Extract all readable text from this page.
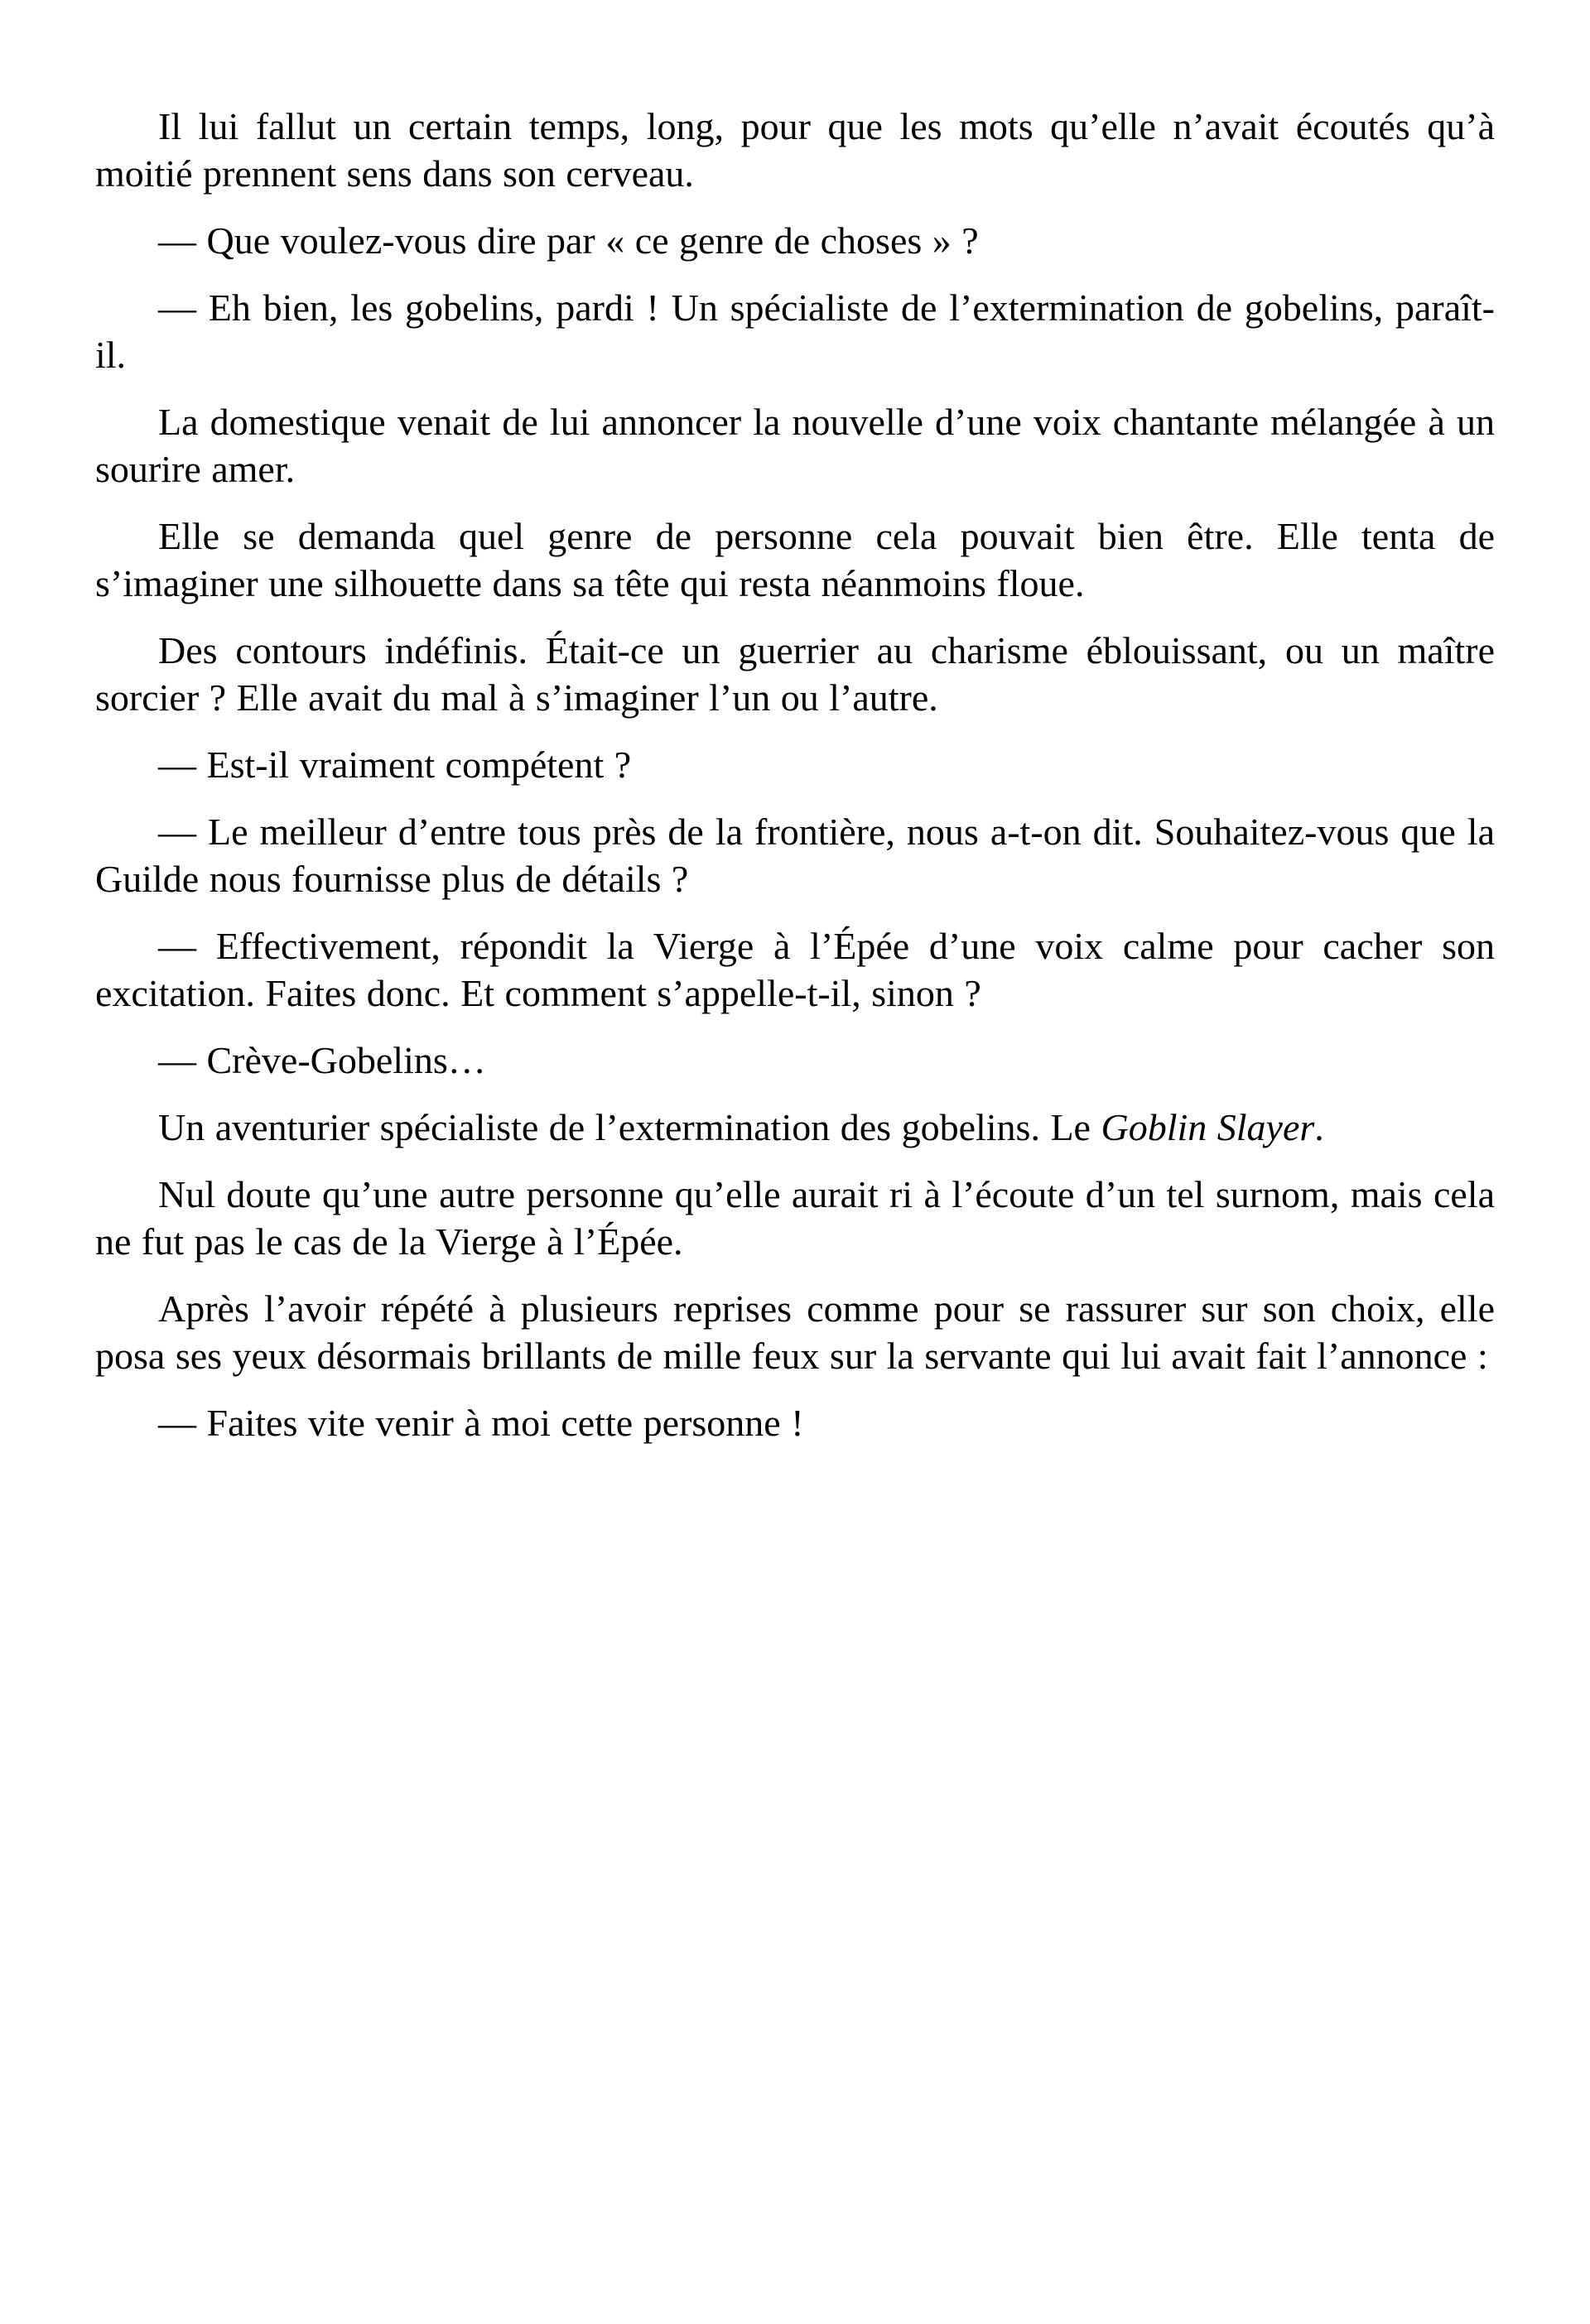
Il lui fallut un certain temps, long, pour que les mots qu’elle n’avait écoutés qu’à moitié prennent sens dans son cerveau.

— Que voulez-vous dire par « ce genre de choses » ?

— Eh bien, les gobelins, pardi ! Un spécialiste de l’extermination de gobelins, paraît-il.

La domestique venait de lui annoncer la nouvelle d’une voix chantante mélangée à un sourire amer.

Elle se demanda quel genre de personne cela pouvait bien être. Elle tenta de s’imaginer une silhouette dans sa tête qui resta néanmoins floue.

Des contours indéfinis. Était-ce un guerrier au charisme éblouissant, ou un maître sorcier ? Elle avait du mal à s’imaginer l’un ou l’autre.

— Est-il vraiment compétent ?

— Le meilleur d’entre tous près de la frontière, nous a-t-on dit. Souhaitez-vous que la Guilde nous fournisse plus de détails ?

— Effectivement, répondit la Vierge à l’Épée d’une voix calme pour cacher son excitation. Faites donc. Et comment s’appelle-t-il, sinon ?

— Crève-Gobelins…

Un aventurier spécialiste de l’extermination des gobelins. Le Goblin Slayer.

Nul doute qu’une autre personne qu’elle aurait ri à l’écoute d’un tel surnom, mais cela ne fut pas le cas de la Vierge à l’Épée.

Après l’avoir répété à plusieurs reprises comme pour se rassurer sur son choix, elle posa ses yeux désormais brillants de mille feux sur la servante qui lui avait fait l’annonce :

— Faites vite venir à moi cette personne !
